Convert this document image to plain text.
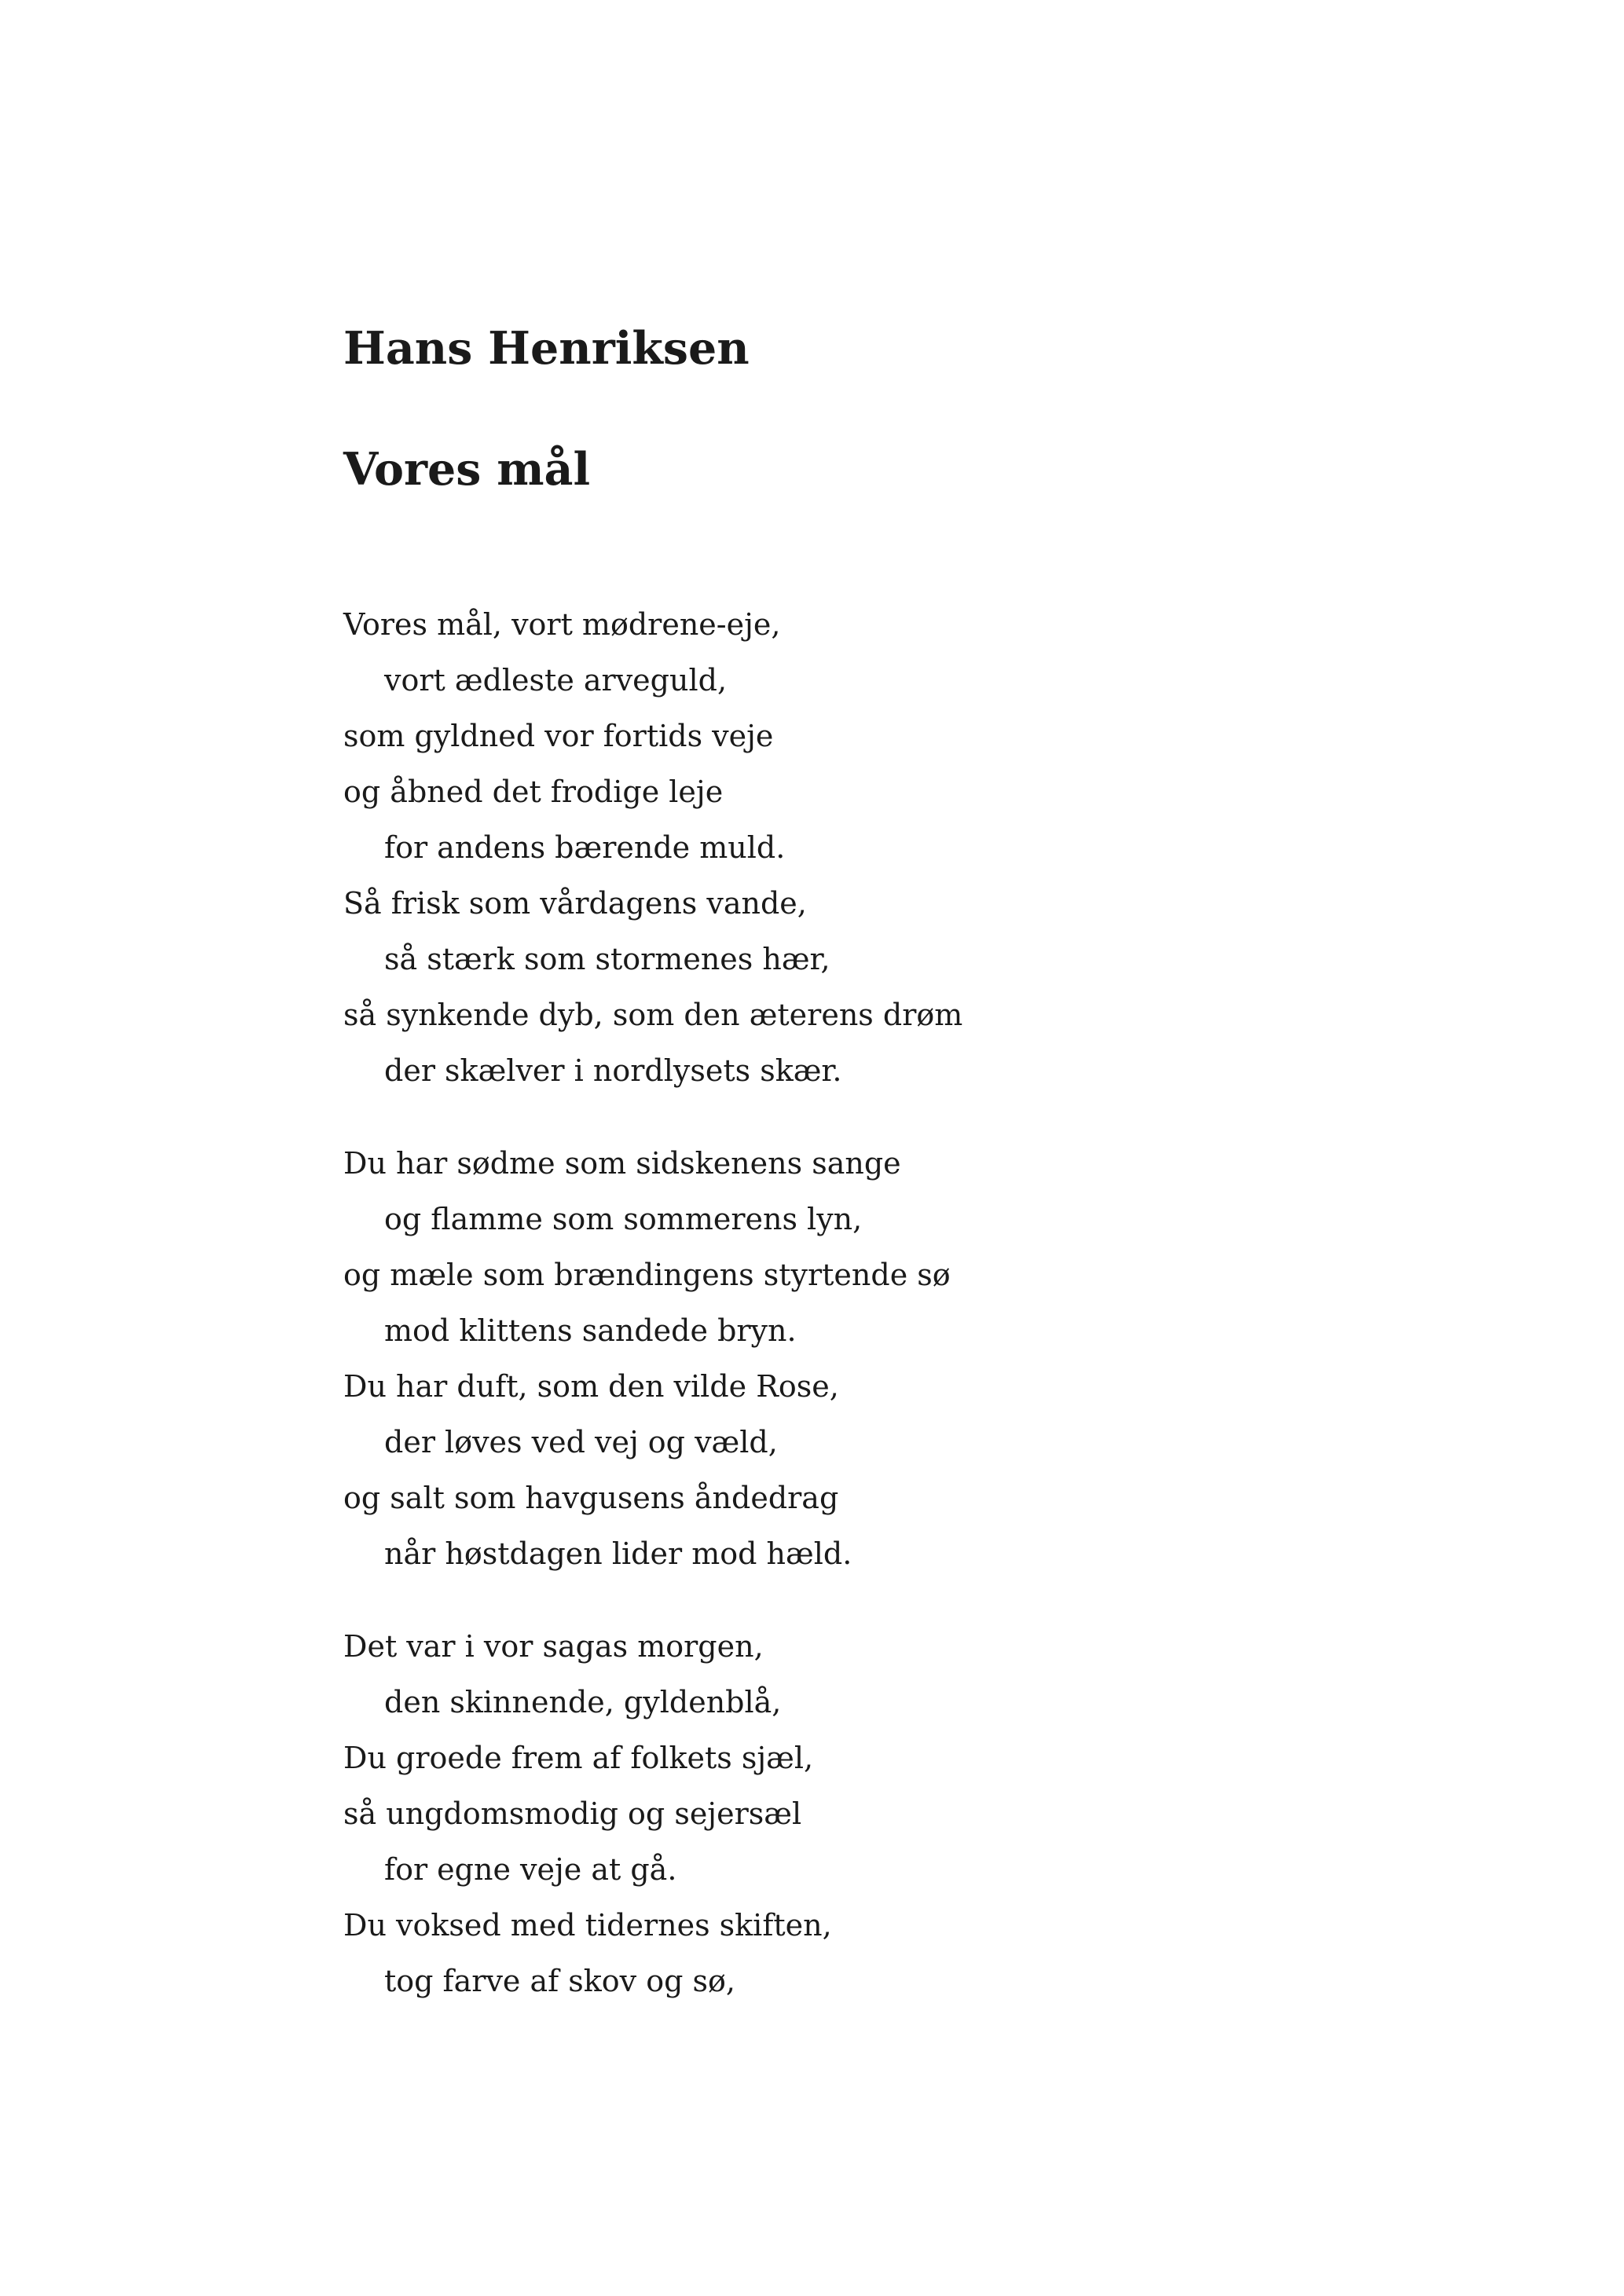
Hans Henriksen
Vores mål
Vores mål, vort mødrene-eje,
vort ædleste arveguld,
som gyldned vor fortids veje
og åbned det frodige leje
for andens bærende muld.
Så frisk som vårdagens vande,
så stærk som stormenes hær,
så synkende dyb, som den æterens drøm
der skælver i nordlysets skær.
Du har sødme som sidskenens sange
og flamme som sommerens lyn,
og mæle som brændingens styrtende sø
mod klittens sandede bryn.
Du har duft, som den vilde Rose,
der løves ved vej og væld,
og salt som havgusens åndedrag
når høstdagen lider mod hæld.
Det var i vor sagas morgen,
den skinnende, gyldenblå,
Du groede frem af folkets sjæl,
så ungdomsmodig og sejersæl
for egne veje at gå.
Du voksed med tidernes skiften,
tog farve af skov og sø,
